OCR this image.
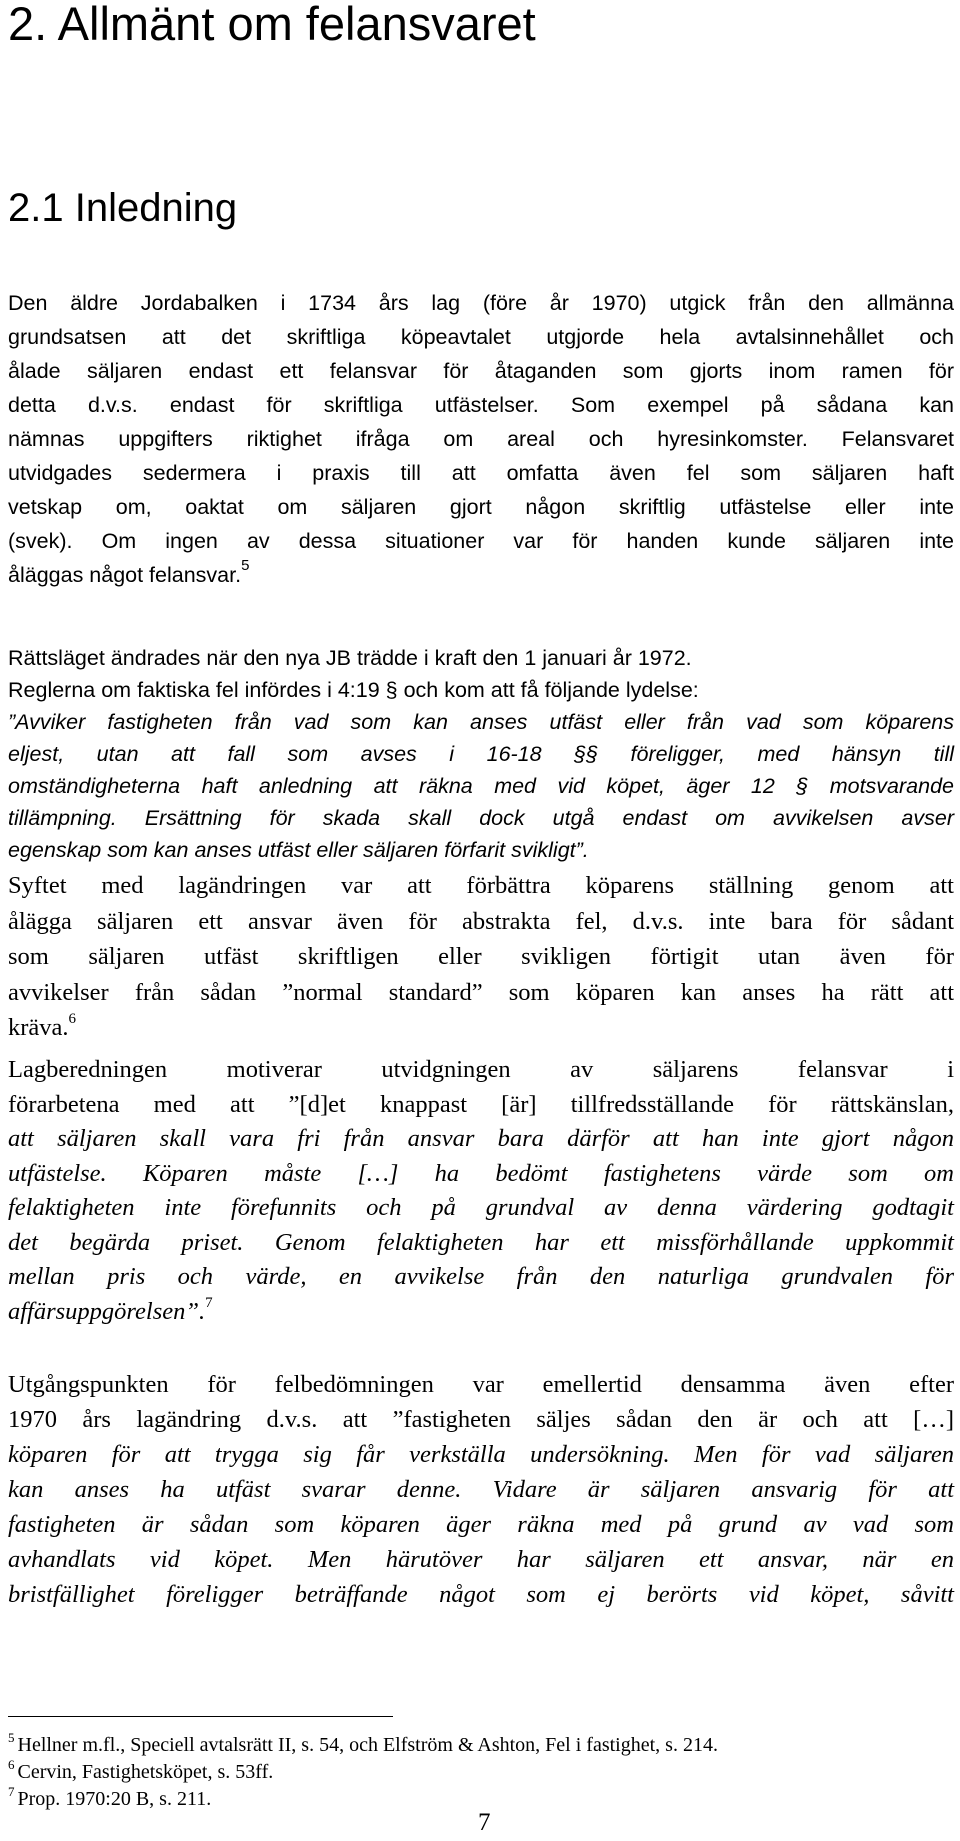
2. Allmänt om felansvaret
2.1 Inledning
Den äldre Jordabalken i 1734 års lag (före år 1970) utgick från den allmänna
grundsatsen att det skriftliga köpeavtalet utgjorde hela avtalsinnehållet och
ålade säljaren endast ett felansvar för åtaganden som gjorts inom ramen för
detta d.v.s. endast för skriftliga utfästelser. Som exempel på sådana kan
nämnas uppgifters riktighet ifråga om areal och hyresinkomster. Felansvaret
utvidgades sedermera i praxis till att omfatta även fel som säljaren haft
vetskap om, oaktat om säljaren gjort någon skriftlig utfästelse eller inte
(svek). Om ingen av dessa situationer var för handen kunde säljaren inte
åläggas något felansvar.$^5$
Rättsläget ändrades när den nya JB trädde i kraft den 1 januari år 1972.
Reglerna om faktiska fel infördes i 4:19 § och kom att få följande lydelse:
”Avviker fastigheten från vad som kan anses utfäst eller från vad som köparens
eljest, utan att fall som avses i 16-18 §§ föreligger, med hänsyn till
omständigheterna haft anledning att räkna med vid köpet, äger 12 § motsvarande
tillämpning. Ersättning för skada skall dock utgå endast om avvikelsen avser
egenskap som kan anses utfäst eller säljaren förfarit svikligt”.
Syftet med lagändringen var att förbättra köparens ställning genom att
ålägga säljaren ett ansvar även för abstrakta fel, d.v.s. inte bara för sådant
som säljaren utfäst skriftligen eller svikligen förtigit utan även för
avvikelser från sådan ”normal standard” som köparen kan anses ha rätt att
kräva.$^6$
Lagberedningen motiverar utvidgningen av säljarens felansvar i
förarbetena med att ”[d]et knappast [är] tillfredsställande för rättskänslan,
att säljaren skall vara fri från ansvar bara därför att han inte gjort någon
utfästelse. Köparen måste […] ha bedömt fastighetens värde som om
felaktigheten inte förefunnits och på grundval av denna värdering godtagit
det begärda priset. Genom felaktigheten har ett missförhållande uppkommit
mellan pris och värde, en avvikelse från den naturliga grundvalen för
affärsuppgörelsen”.$^7$
Utgångspunkten för felbedömningen var emellertid densamma även efter
1970 års lagändring d.v.s. att ”fastigheten säljes sådan den är och att […]
köparen för att trygga sig får verkställa undersökning. Men för vad säljaren
kan anses ha utfäst svarar denne. Vidare är säljaren ansvarig för att
fastigheten är sådan som köparen äger räkna med på grund av vad som
avhandlats vid köpet. Men härutöver har säljaren ett ansvar, när en
bristfällighet föreligger beträffande något som ej berörts vid köpet, såvitt
$^5$ Hellner m.fl., Speciell avtalsrätt II, s. 54, och Elfström & Ashton, Fel i fastighet, s. 214.
$^6$ Cervin, Fastighetsköpet, s. 53ff.
$^7$ Prop. 1970:20 B, s. 211.
7
